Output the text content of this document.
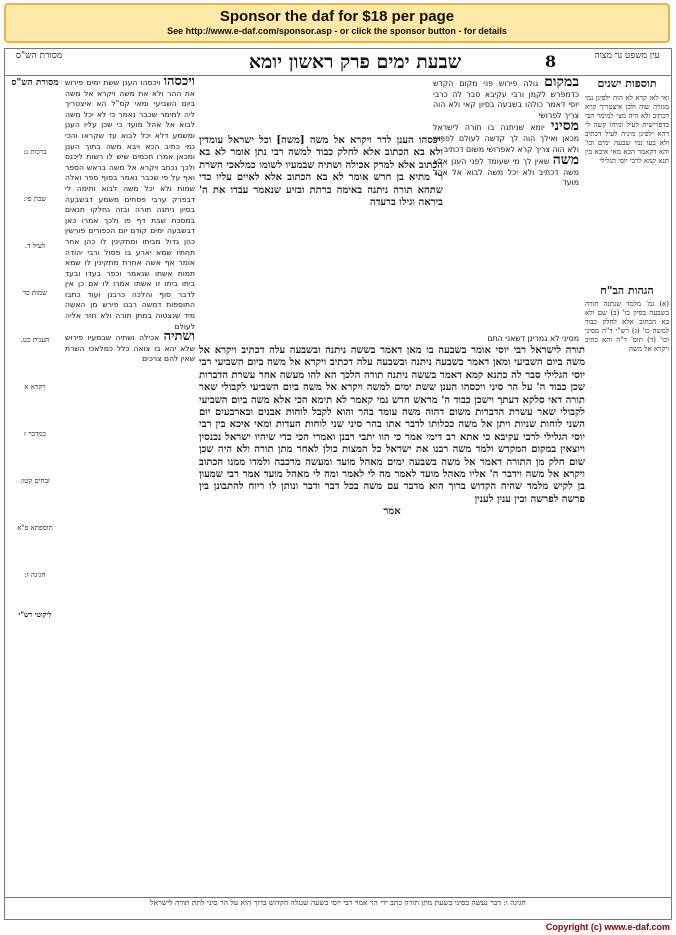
Sponsor the daf for $18 per page
See http://www.e-daf.com/sponsor.asp - or click the sponsor button - for details
עין משפט נר מצוה
שבעת ימים פרק ראשון יומא	8
מסורת הש"ס
תוספות ישנים

ואי לאו קרא לא הוה ילפינן נמי מגזרה שוה ולכן איצטריך קרא דכתיב ולא היה מצי למימר הכי כדפרישית לעיל ומיהו קשה לי דהא ילפינן מיניה לעיל דכתיב ולא בעו נמי שבעה ימים וכו' והא דקאמר הכא מאי איכא בין תנא קמא לרבי יוסי הגלילי

הגהות הב"ח

(א) גמ' מלמד שנתנה תורה בשבעה בסיון כו' (ב) שם ולא בא הכתוב אלא לחלק כבוד למשה כו' (ג) רש"י ד"ה מסיני וכו' (ד) תוס' ד"ה והא כתיב ויקרא אל משה

במקום גולה פירוש פני מקום הקדש כדמפרש לקמן ורבי עקיבא סבר לה כרבי יוסי דאמר כולהו בשבעה בסיון קאי ולא הוה צריך לפרושי

מסיני יומא שניתנה בו תורה לישראל מכאן ואילך הוה לך קדשה לעולם לפרוש ולא הוה צריך קרא לאפרושי משום דכתיב

משה שאין לך מי שעומד לפני הענן אלא משה דכתיב ולא יכל משה לבוא אל אהל מועד

מסיני לא גמרינן דשאני התם

ויכסהו הענן לדר ויקרא אל משה [משה] וכל ישראל עומדין ולא בא הכתוב אלא לחלק כבוד למשה רבי נתן אומר לא בא הכתוב אלא למרק אכילה ושתיה שבמעיו לשומו כמלאכי השרת ר' מתיא בן חרש אומר לא בא הכתוב אלא לאיים עליו כדי שתהא תורה ניתנה באימה ברתת ובזיע שנאמר עבדו את ה' ביראה וגילו ברעדה

תורה לישראל רבי יוסי אומר בשבעה בו מאן דאמר בששה ניתנה ובשבעה עלה דכתיב ויקרא אל משה ביום השביעי ומאן דאמר בשבעה ניתנה ובשבעה עלה דכתיב ויקרא אל משה ביום השביעי רבי יוסי הגלילי סבר לה כתנא קמא דאמר בששה ניתנה תורה הלכך הא להו מעשה אחר עשרת הדברות שכן כבוד ה' על הר סיני ויכסהו הענן ששת ימים למשה ויקרא אל משה ביום השביעי לקבולי שאר תורה דאי סלקא דעתך וישכן כבוד ה' מראש חדש נמי קאמר לא תימא הכי אלא משה ביום השביעי לקבולי שאר עשרת הדברות משום דהוה משה עומד בהר והוא לקבל לוחות אבנים ובארבעים יום השני לוחות שניות ויתן אל משה ככלותו לדבר אתו בהר סיני שני לוחות העדות ומאי איכא בין רבי יוסי הגלילי לרבי עקיבא כי אתא רב דימי אמר כי הוו יתבי רבנן ואמרי הכי כדי שיהיו ישראל נכנסין ויוצאין במקום המקדש ולמד משה רבנו את ישראל כל המצות כולן לאחר מתן תורה ולא היה שכן שום חלק מן התורה דאמר אל משה בשבעה ימים מאהל מועד ומעשה מרכבה ולמדו ממנו הכתוב ויקרא אל משה וידבר ה' אליו מאהל מועד לאמר מה לי לאמר ומה לי מאהל מועד אמר רבי שמעון בן לקיש מלמד שהיה הקדוש ברוך הוא מדבר עם משה בכל דבר ודבר ונותן לו ריוח להתבונן בין פרשה לפרשה ובין ענין לענין

אמר

ויכסהו ויכסהו הענן ששת ימים פירוש את ההר ולא את משה ויקרא אל משה ביום השביעי ומאי קמ"ל הא איצטריך ליה למימר שכבר נאמר כי לא יכל משה לבוא אל אהל מועד כי שכן עליו הענן ומשמע דלא יכל לבוא עד שקראו והכי נמי כתיב הכא ויבא משה בתוך הענן ומכאן אמרו חכמים שיש לו רשות ליכנס ולכך נכתב ויקרא אל משה בראש הספר ואף על פי שכבר נאמר בסוף ספר ואלה שמות ולא יכל משה לבוא ותימה לי דבפרק ערבי פסחים משמע דבשבעה בסיון ניתנה תורה ובזה נחלקו תנאים במסכת שבת דף פו ולכך אמרו כאן דבשבעה ימים קודם יום הכפורים פורשין כהן גדול מביתו ומתקינין לו כהן אחר תחתיו שמא יארע בו פסול ורבי יהודה אומר אף אשה אחרת מתקינין לו שמא תמות אשתו שנאמר וכפר בעדו ובעד ביתו ביתו זו אשתו אמרו לו אם כן אין לדבר סוף והלכה כרבנן ועוד כתבו התוספות דמשה רבנו פירש מן האשה מיד שנצטוה במתן תורה ולא חזר אליה לעולם

ושתיה אכילה ושתיה שבמעיו פירוש שלא יהא בו צואה כלל כמלאכי השרת שאין להם צרכים

מסורת הש"ס
ברכות נ:
שבת פו:
לעיל ד.
שמות כד
תענית כט.
ויקרא א
במדבר ז
זבחים קטו:
תוספתא פ"א
חגיגה ו:
ליקוטי רש"י
חגיגה ו: דבר נעשה בסיני בשעת מתן תורה כתב ידי הר אמר רבי יוסי בשעה שנגלה הקדוש ברוך הוא על הר סיני לתת תורה לישראל
Copyright (c) www.e-daf.com
